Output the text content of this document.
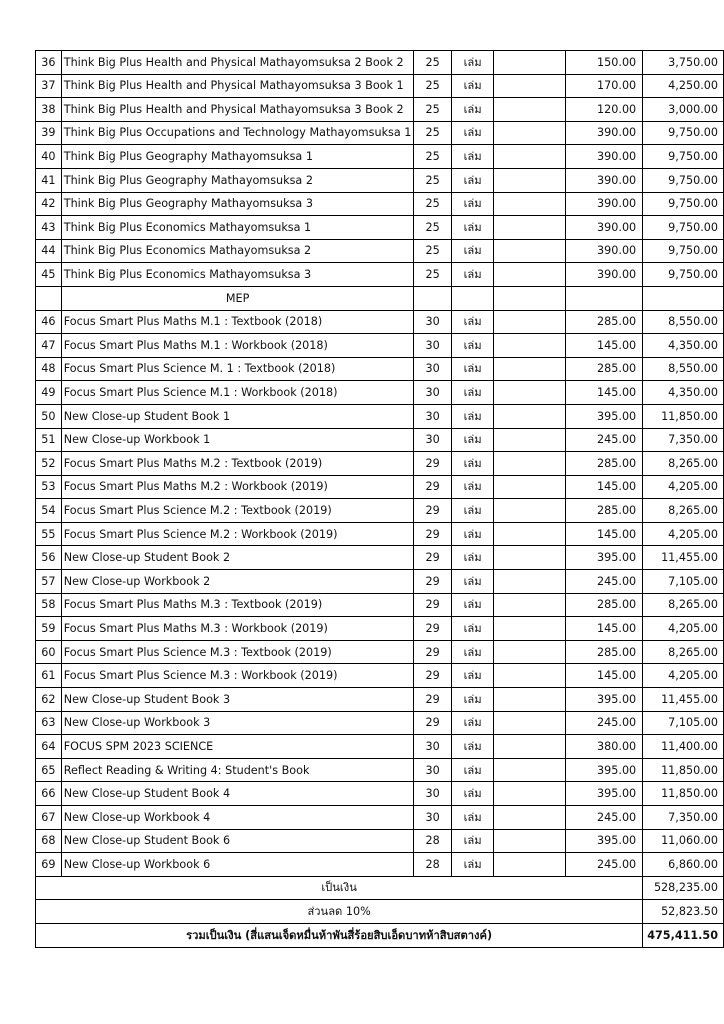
36	Think Big Plus Health and Physical Mathayomsuksa 2 Book 2	25	เล่ม		150.00	3,750.00
37	Think Big Plus Health and Physical Mathayomsuksa 3 Book 1	25	เล่ม		170.00	4,250.00
38	Think Big Plus Health and Physical Mathayomsuksa 3 Book 2	25	เล่ม		120.00	3,000.00
39	Think Big Plus Occupations and Technology Mathayomsuksa 1	25	เล่ม		390.00	9,750.00
40	Think Big Plus Geography Mathayomsuksa 1	25	เล่ม		390.00	9,750.00
41	Think Big Plus Geography Mathayomsuksa 2	25	เล่ม		390.00	9,750.00
42	Think Big Plus Geography Mathayomsuksa 3	25	เล่ม		390.00	9,750.00
43	Think Big Plus Economics Mathayomsuksa 1	25	เล่ม		390.00	9,750.00
44	Think Big Plus Economics Mathayomsuksa 2	25	เล่ม		390.00	9,750.00
45	Think Big Plus Economics Mathayomsuksa 3	25	เล่ม		390.00	9,750.00
	MEP					
46	Focus Smart Plus Maths M.1 : Textbook (2018)	30	เล่ม		285.00	8,550.00
47	Focus Smart Plus Maths M.1 : Workbook (2018)	30	เล่ม		145.00	4,350.00
48	Focus Smart Plus Science M. 1 : Textbook (2018)	30	เล่ม		285.00	8,550.00
49	Focus Smart Plus Science M.1 : Workbook (2018)	30	เล่ม		145.00	4,350.00
50	New Close-up Student Book 1	30	เล่ม		395.00	11,850.00
51	New Close-up Workbook 1	30	เล่ม		245.00	7,350.00
52	Focus Smart Plus Maths M.2 : Textbook (2019)	29	เล่ม		285.00	8,265.00
53	Focus Smart Plus Maths M.2 : Workbook (2019)	29	เล่ม		145.00	4,205.00
54	Focus Smart Plus Science M.2 : Textbook (2019)	29	เล่ม		285.00	8,265.00
55	Focus Smart Plus Science M.2 : Workbook (2019)	29	เล่ม		145.00	4,205.00
56	New Close-up Student Book 2	29	เล่ม		395.00	11,455.00
57	New Close-up Workbook 2	29	เล่ม		245.00	7,105.00
58	Focus Smart Plus Maths M.3 : Textbook (2019)	29	เล่ม		285.00	8,265.00
59	Focus Smart Plus Maths M.3 : Workbook (2019)	29	เล่ม		145.00	4,205.00
60	Focus Smart Plus Science M.3 : Textbook (2019)	29	เล่ม		285.00	8,265.00
61	Focus Smart Plus Science M.3 : Workbook (2019)	29	เล่ม		145.00	4,205.00
62	New Close-up Student Book 3	29	เล่ม		395.00	11,455.00
63	New Close-up Workbook 3	29	เล่ม		245.00	7,105.00
64	FOCUS SPM 2023 SCIENCE	30	เล่ม		380.00	11,400.00
65	Reflect Reading & Writing 4: Student's Book	30	เล่ม		395.00	11,850.00
66	New Close-up Student Book 4	30	เล่ม		395.00	11,850.00
67	New Close-up Workbook 4	30	เล่ม		245.00	7,350.00
68	New Close-up Student Book 6	28	เล่ม		395.00	11,060.00
69	New Close-up Workbook 6	28	เล่ม		245.00	6,860.00
เป็นเงิน						528,235.00
ส่วนลด 10%						52,823.50
รวมเป็นเงิน (สี่แสนเจ็ดหมื่นห้าพันสี่ร้อยสิบเอ็ดบาทห้าสิบสตางค์)						475,411.50
